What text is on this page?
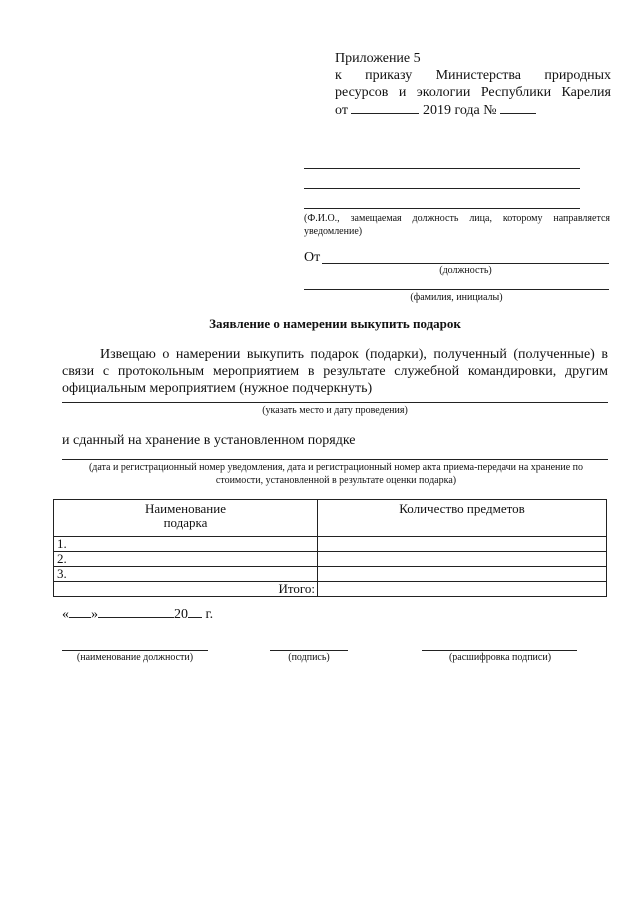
Приложение 5
к приказу Министерства природных
ресурсов и экологии Республики Карелия
от	2019 года №
(Ф.И.О., замещаемая должность лица, которому направляется уведомление)
От
(должность)
(фамилия, инициалы)
Заявление о намерении выкупить подарок
Извещаю о намерении выкупить подарок (подарки), полученный (полученные) в связи с протокольным мероприятием в результате служебной командировки, другим официальным мероприятием (нужное подчеркнуть)
(указать место и дату проведения)
и сданный на хранение в установленном порядке
(дата и регистрационный номер уведомления, дата и регистрационный номер акта приема-передачи на хранение по стоимости, установленной в результате оценки подарка)
Наименование подарка	Количество предметов
1.	
2.	
3.	
Итого:	
« »	20 г.
(наименование должности)	(подпись)	(расшифровка подписи)
